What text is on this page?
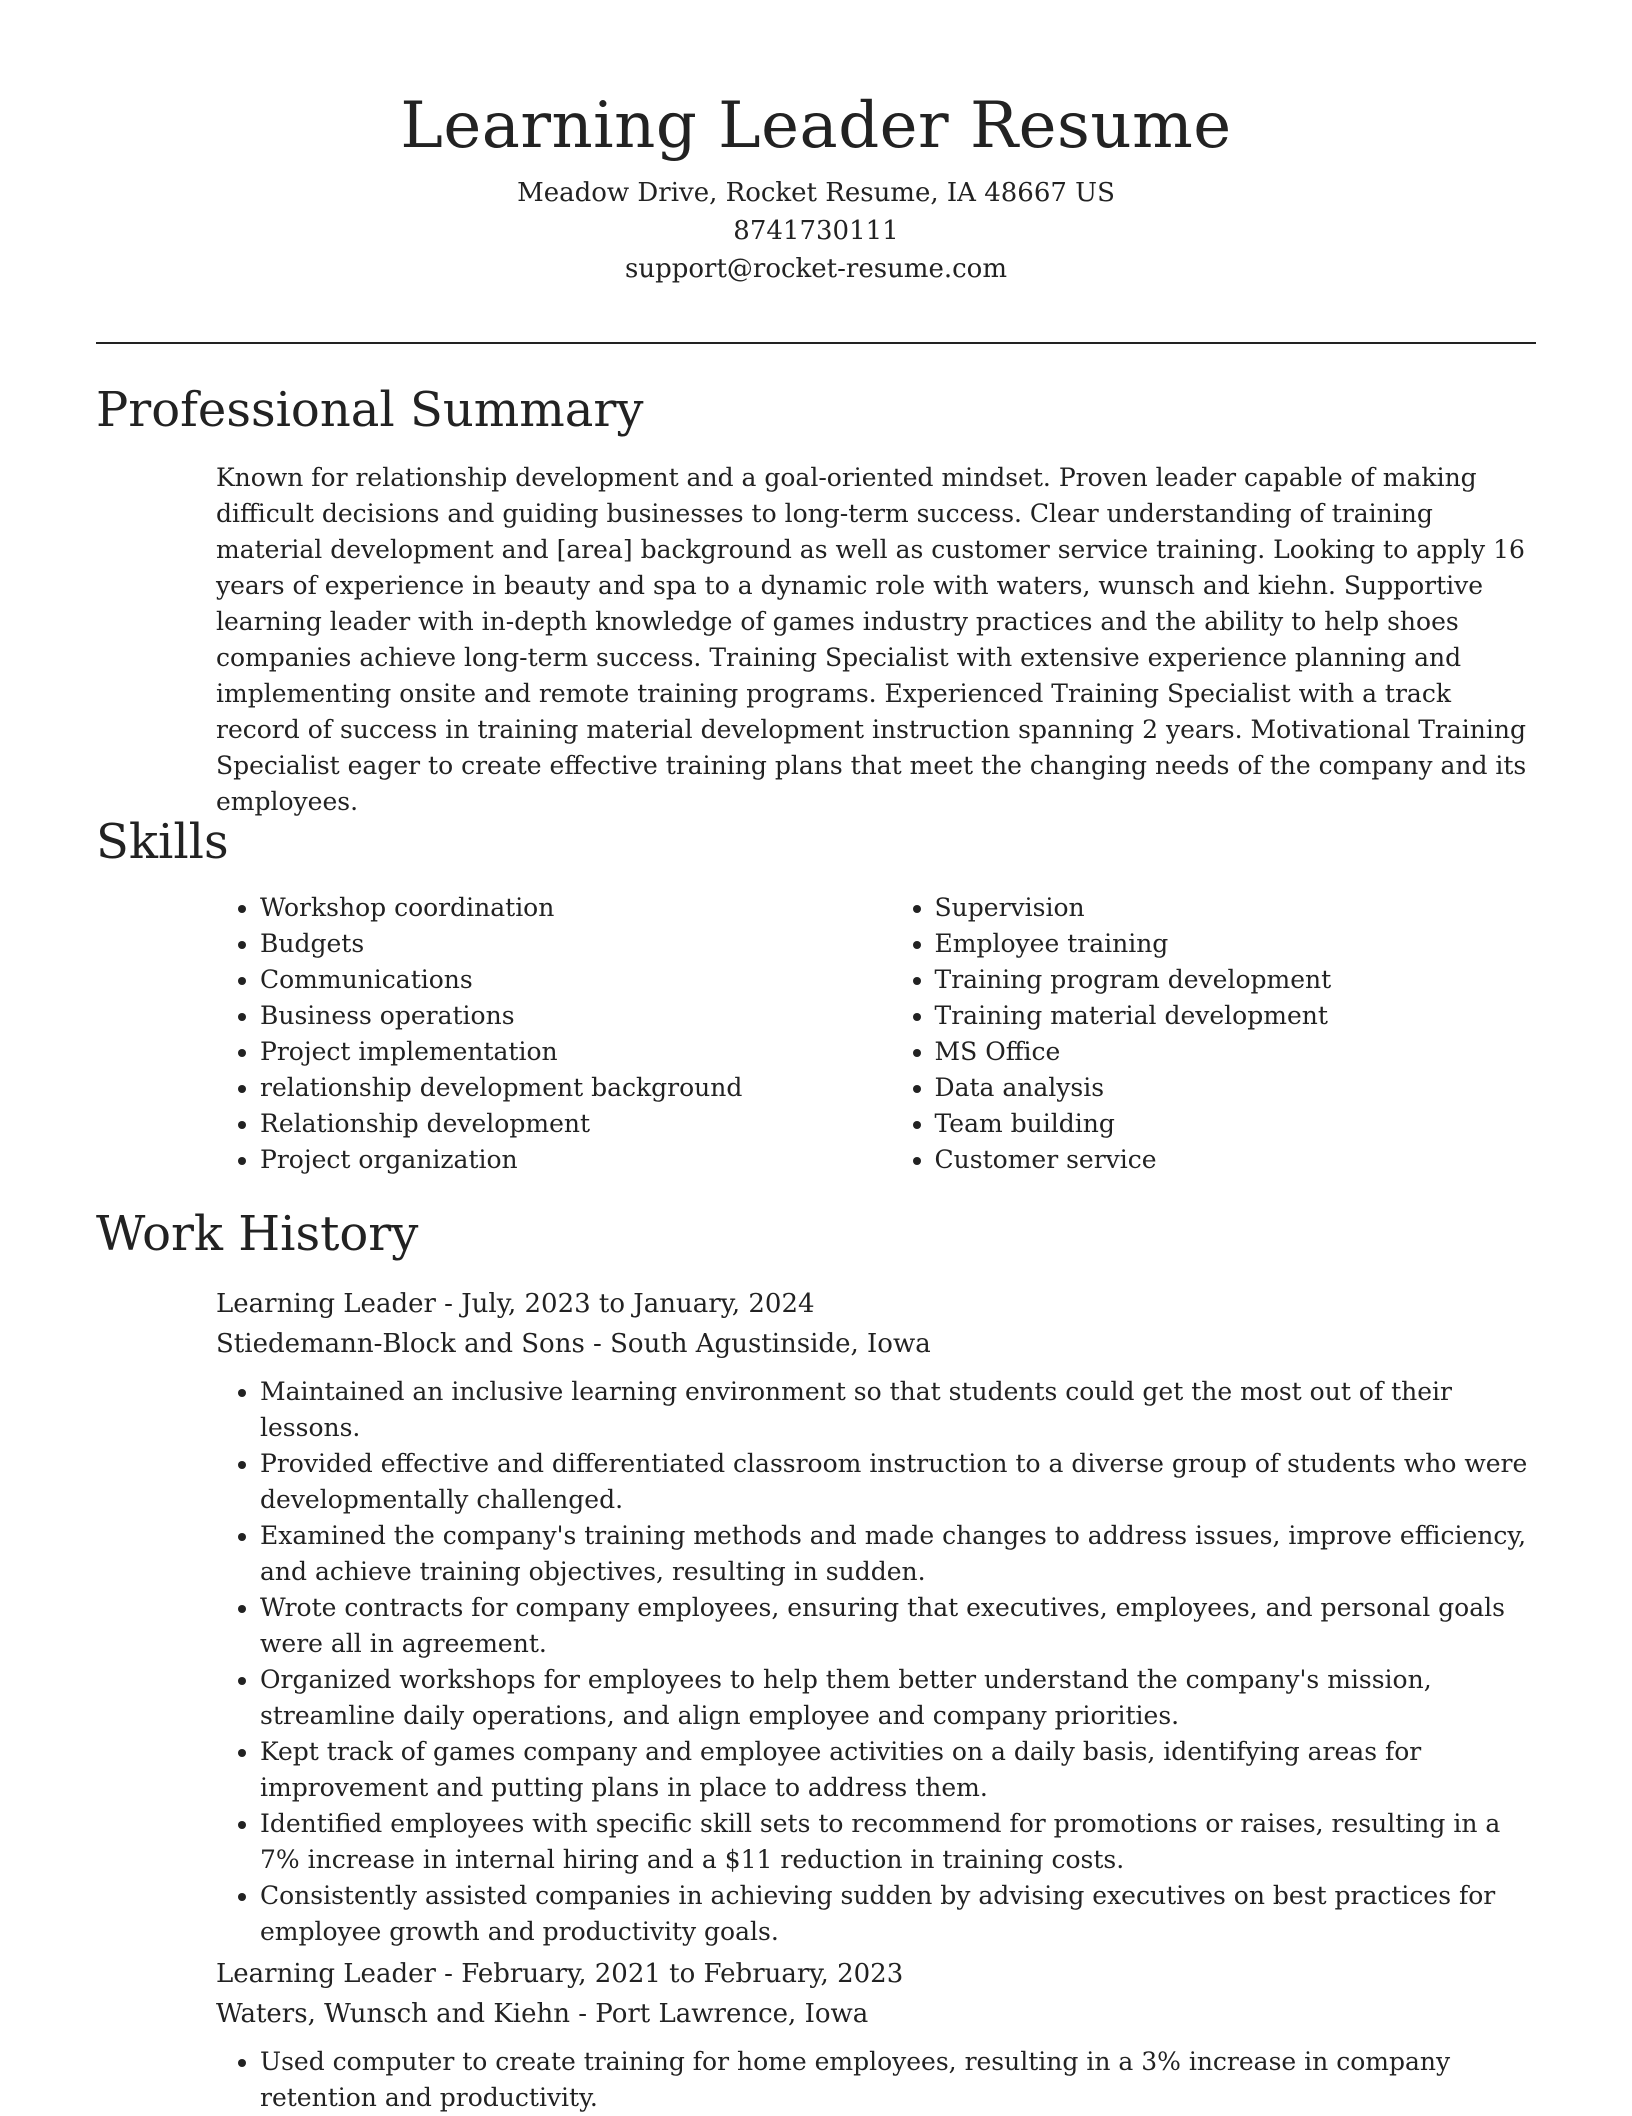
Learning Leader Resume
Meadow Drive, Rocket Resume, IA 48667 US
8741730111
support@rocket-resume.com
Professional Summary

Known for relationship development and a goal-oriented mindset. Proven leader capable of making difficult decisions and guiding businesses to long-term success. Clear understanding of training material development and [area] background as well as customer service training. Looking to apply 16 years of experience in beauty and spa to a dynamic role with waters, wunsch and kiehn. Supportive learning leader with in-depth knowledge of games industry practices and the ability to help shoes companies achieve long-term success. Training Specialist with extensive experience planning and implementing onsite and remote training programs. Experienced Training Specialist with a track record of success in training material development instruction spanning 2 years. Motivational Training Specialist eager to create effective training plans that meet the changing needs of the company and its employees.

Skills
• Workshop coordination
• Budgets
• Communications
• Business operations
• Project implementation
• relationship development background
• Relationship development
• Project organization
• Supervision
• Employee training
• Training program development
• Training material development
• MS Office
• Data analysis
• Team building
• Customer service
Work History
Learning Leader - July, 2023 to January, 2024
Stiedemann-Block and Sons - South Agustinside, Iowa
• Maintained an inclusive learning environment so that students could get the most out of their lessons.
• Provided effective and differentiated classroom instruction to a diverse group of students who were developmentally challenged.
• Examined the company's training methods and made changes to address issues, improve efficiency, and achieve training objectives, resulting in sudden.
• Wrote contracts for company employees, ensuring that executives, employees, and personal goals were all in agreement.
• Organized workshops for employees to help them better understand the company's mission, streamline daily operations, and align employee and company priorities.
• Kept track of games company and employee activities on a daily basis, identifying areas for improvement and putting plans in place to address them.
• Identified employees with specific skill sets to recommend for promotions or raises, resulting in a 7% increase in internal hiring and a $11 reduction in training costs.
• Consistently assisted companies in achieving sudden by advising executives on best practices for employee growth and productivity goals.
Learning Leader - February, 2021 to February, 2023
Waters, Wunsch and Kiehn - Port Lawrence, Iowa
• Used computer to create training for home employees, resulting in a 3% increase in company retention and productivity.
